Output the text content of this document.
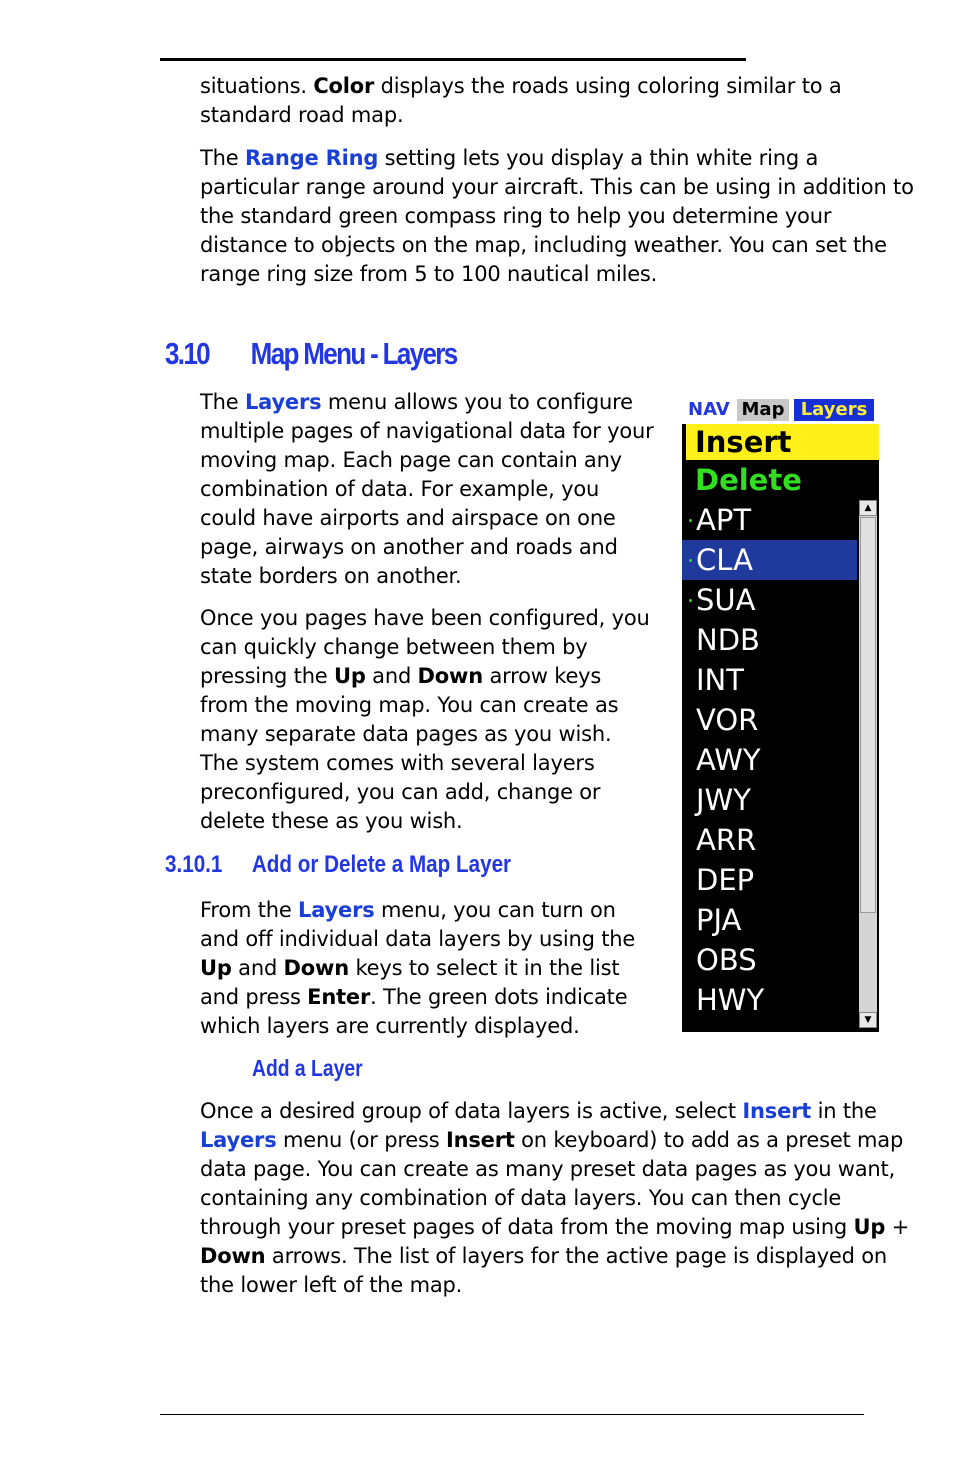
situations. Color displays the roads using coloring similar to a standard road map.

The Range Ring setting lets you display a thin white ring a particular range around your aircraft. This can be using in addition to the standard green compass ring to help you determine your distance to objects on the map, including weather. You can set the range ring size from 5 to 100 nautical miles.

3.10 Map Menu - Layers

The Layers menu allows you to configure multiple pages of navigational data for your moving map. Each page can contain any combination of data. For example, you could have airports and airspace on one page, airways on another and roads and state borders on another.

Once you pages have been configured, you can quickly change between them by pressing the Up and Down arrow keys from the moving map. You can create as many separate data pages as you wish. The system comes with several layers preconfigured, you can add, change or delete these as you wish.

3.10.1 Add or Delete a Map Layer

From the Layers menu, you can turn on and off individual data layers by using the Up and Down keys to select it in the list and press Enter. The green dots indicate which layers are currently displayed.

Add a Layer

Once a desired group of data layers is active, select Insert in the Layers menu (or press Insert on keyboard) to add as a preset map data page. You can create as many preset data pages as you want, containing any combination of data layers. You can then cycle through your preset pages of data from the moving map using Up + Down arrows. The list of layers for the active page is displayed on the lower left of the map.

NAV Map Layers
Insert
Delete
APT
CLA
SUA
NDB
INT
VOR
AWY
JWY
ARR
DEP
PJA
OBS
HWY
▲
▼
